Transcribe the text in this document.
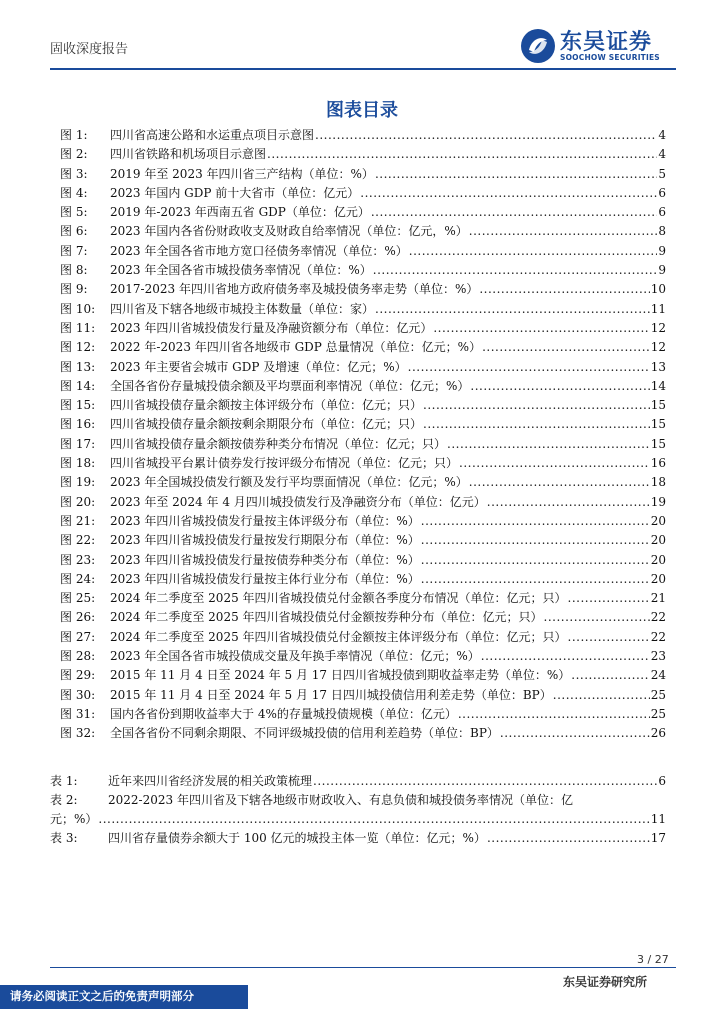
固收深度报告	东吴证券
SOOCHOW SECURITIES
图表目录
图 1:	四川省高速公路和水运重点项目示意图 .....	4
图 2:	四川省铁路和机场项目示意图 .....	4
图 3:	2019 年至 2023 年四川省三产结构（单位：%） .....	5
图 4:	2023 年国内 GDP 前十大省市（单位：亿元） .....	6
图 5:	2019 年-2023 年西南五省 GDP（单位：亿元） .....	6
图 6:	2023 年国内各省份财政收支及财政自给率情况（单位：亿元，%） .....	8
图 7:	2023 年全国各省市地方宽口径债务率情况（单位：%） .....	9
图 8:	2023 年全国各省市城投债务率情况（单位：%） .....	9
图 9:	2017-2023 年四川省地方政府债务率及城投债务率走势（单位：%） .....	10
图 10:	四川省及下辖各地级市城投主体数量（单位：家） .....	11
图 11:	2023 年四川省城投债发行量及净融资额分布（单位：亿元） .....	12
图 12:	2022 年-2023 年四川省各地级市 GDP 总量情况（单位：亿元；%） .....	12
图 13:	2023 年主要省会城市 GDP 及增速（单位：亿元；%） .....	13
图 14:	全国各省份存量城投债余额及平均票面利率情况（单位：亿元；%） .....	14
图 15:	四川省城投债存量余额按主体评级分布（单位：亿元；只） .....	15
图 16:	四川省城投债存量余额按剩余期限分布（单位：亿元；只） .....	15
图 17:	四川省城投债存量余额按债券种类分布情况（单位：亿元；只） .....	15
图 18:	四川省城投平台累计债券发行按评级分布情况（单位：亿元；只） .....	16
图 19:	2023 年全国城投债发行额及发行平均票面情况（单位：亿元；%） .....	18
图 20:	2023 年至 2024 年 4 月四川城投债发行及净融资分布（单位：亿元） .....	19
图 21:	2023 年四川省城投债发行量按主体评级分布（单位：%） .....	20
图 22:	2023 年四川省城投债发行量按发行期限分布（单位：%） .....	20
图 23:	2023 年四川省城投债发行量按债券种类分布（单位：%） .....	20
图 24:	2023 年四川省城投债发行量按主体行业分布（单位：%） .....	20
图 25:	2024 年二季度至 2025 年四川省城投债兑付金额各季度分布情况（单位：亿元；只） .....	21
图 26:	2024 年二季度至 2025 年四川省城投债兑付金额按券种分布（单位：亿元；只） .....	22
图 27:	2024 年二季度至 2025 年四川省城投债兑付金额按主体评级分布（单位：亿元；只） .....	22
图 28:	2023 年全国各省市城投债成交量及年换手率情况（单位：亿元；%） .....	23
图 29:	2015 年 11 月 4 日至 2024 年 5 月 17 日四川省城投债到期收益率走势（单位：%） .....	24
图 30:	2015 年 11 月 4 日至 2024 年 5 月 17 日四川城投债信用利差走势（单位：BP） .....	25
图 31:	国内各省份到期收益率大于 4%的存量城投债规模（单位：亿元） .....	25
图 32:	全国各省份不同剩余期限、不同评级城投债的信用利差趋势（单位：BP） .....	26
表 1:	近年来四川省经济发展的相关政策梳理 .....	6
表 2:	2022-2023 年四川省及下辖各地级市财政收入、有息负债和城投债务率情况（单位：亿
元；%） .....	11
表 3:	四川省存量债券余额大于 100 亿元的城投主体一览（单位：亿元；%） .....	17
3 / 27
东吴证券研究所
请务必阅读正文之后的免责声明部分
